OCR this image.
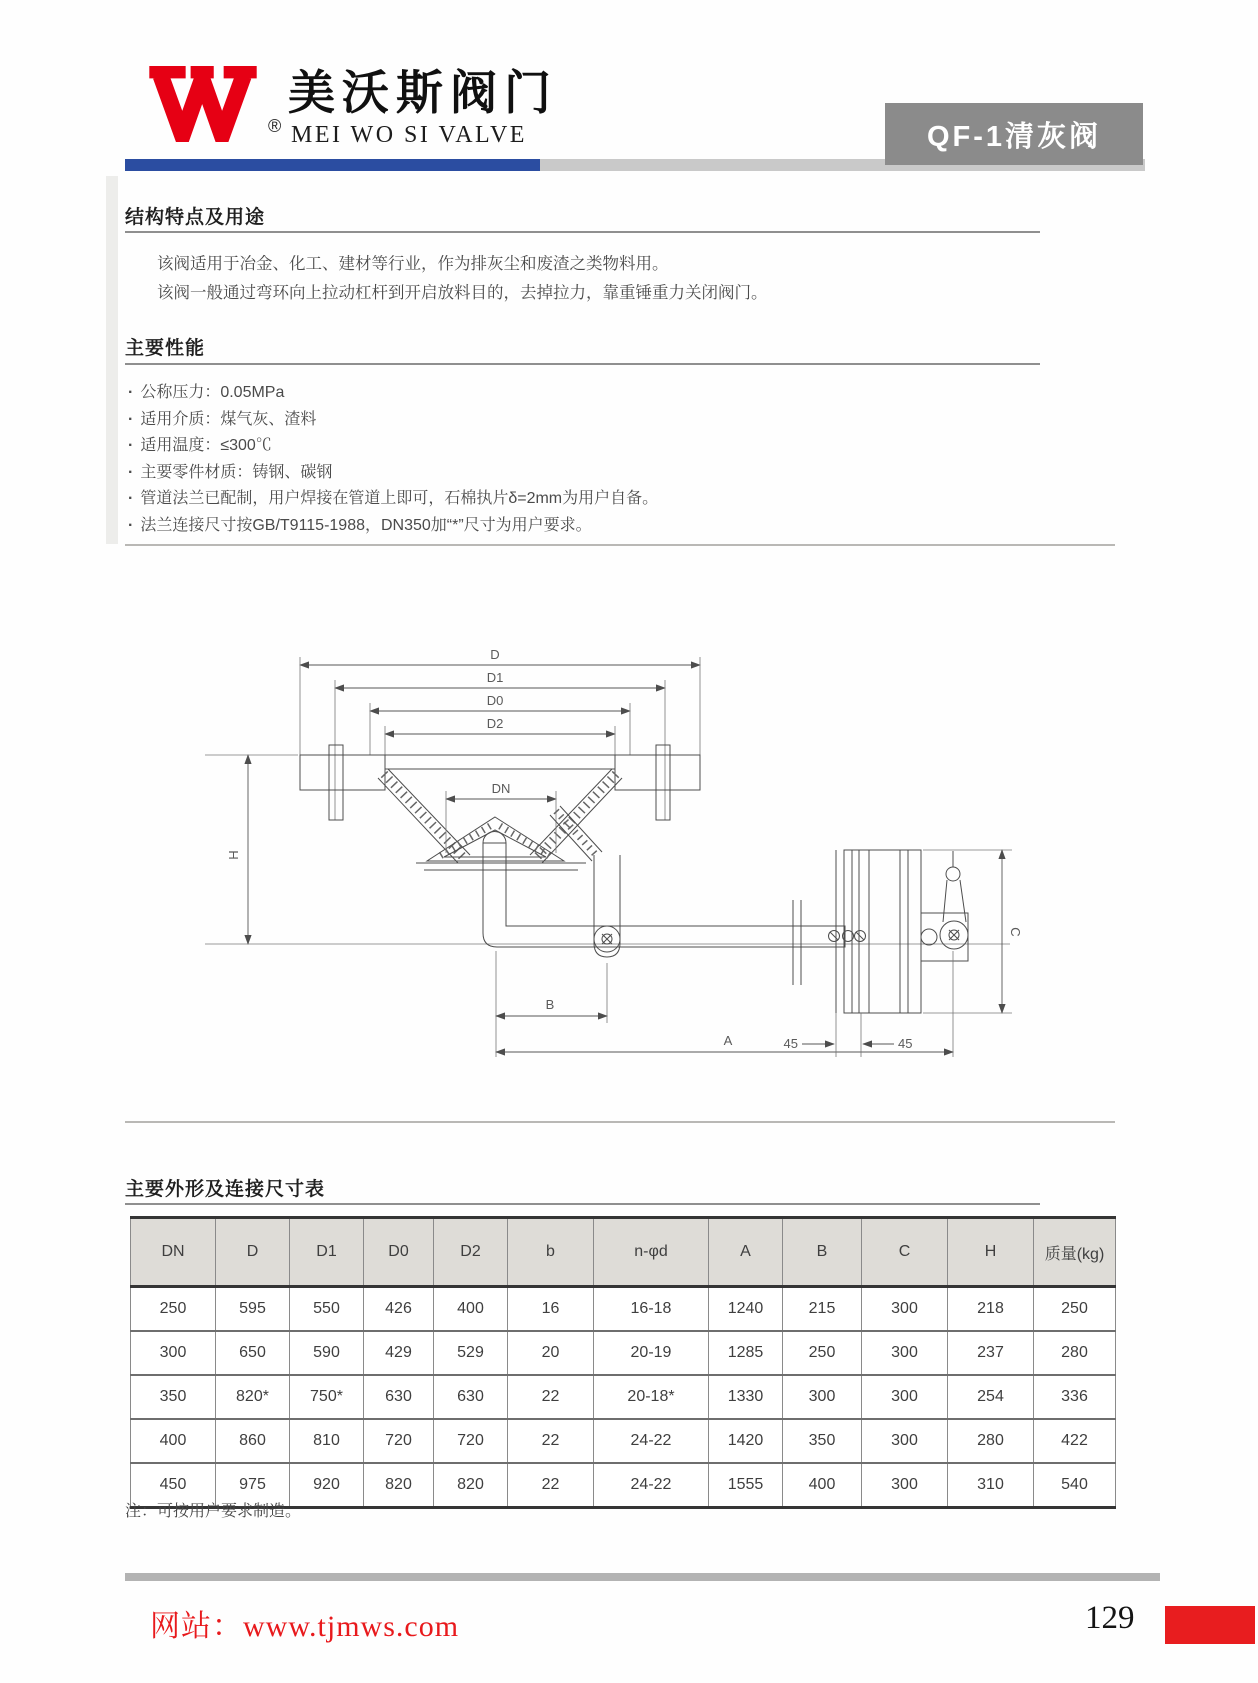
®
美沃斯阀门
MEI WO SI VALVE	QF-1清灰阀
结构特点及用途
该阀适用于冶金、化工、建材等行业，作为排灰尘和废渣之类物料用。
该阀一般通过弯环向上拉动杠杆到开启放料目的，去掉拉力，靠重锤重力关闭阀门。
主要性能
· 公称压力：0.05MPa
· 适用介质：煤气灰、渣料
· 适用温度：≤300℃
· 主要零件材质：铸钢、碳钢
· 管道法兰已配制，用户焊接在管道上即可，石棉执片δ=2mm为用户自备。
· 法兰连接尺寸按GB/T9115-1988，DN350加“*”尺寸为用户要求。
D
D1
D0
D2
H
DN
C
B
A	45	45
主要外形及连接尺寸表
DN	D	D1	D0	D2	b	n-φd	A	B	C	H	质量(kg)
250	595	550	426	400	16	16-18	1240	215	300	218	250
300	650	590	429	529	20	20-19	1285	250	300	237	280
350	820*	750*	630	630	22	20-18*	1330	300	300	254	336
400	860	810	720	720	22	24-22	1420	350	300	280	422
450	975	920	820	820	22	24-22	1555	400	300	310	540
注：可按用户要求制造。
网站：www.tjmws.com	129
